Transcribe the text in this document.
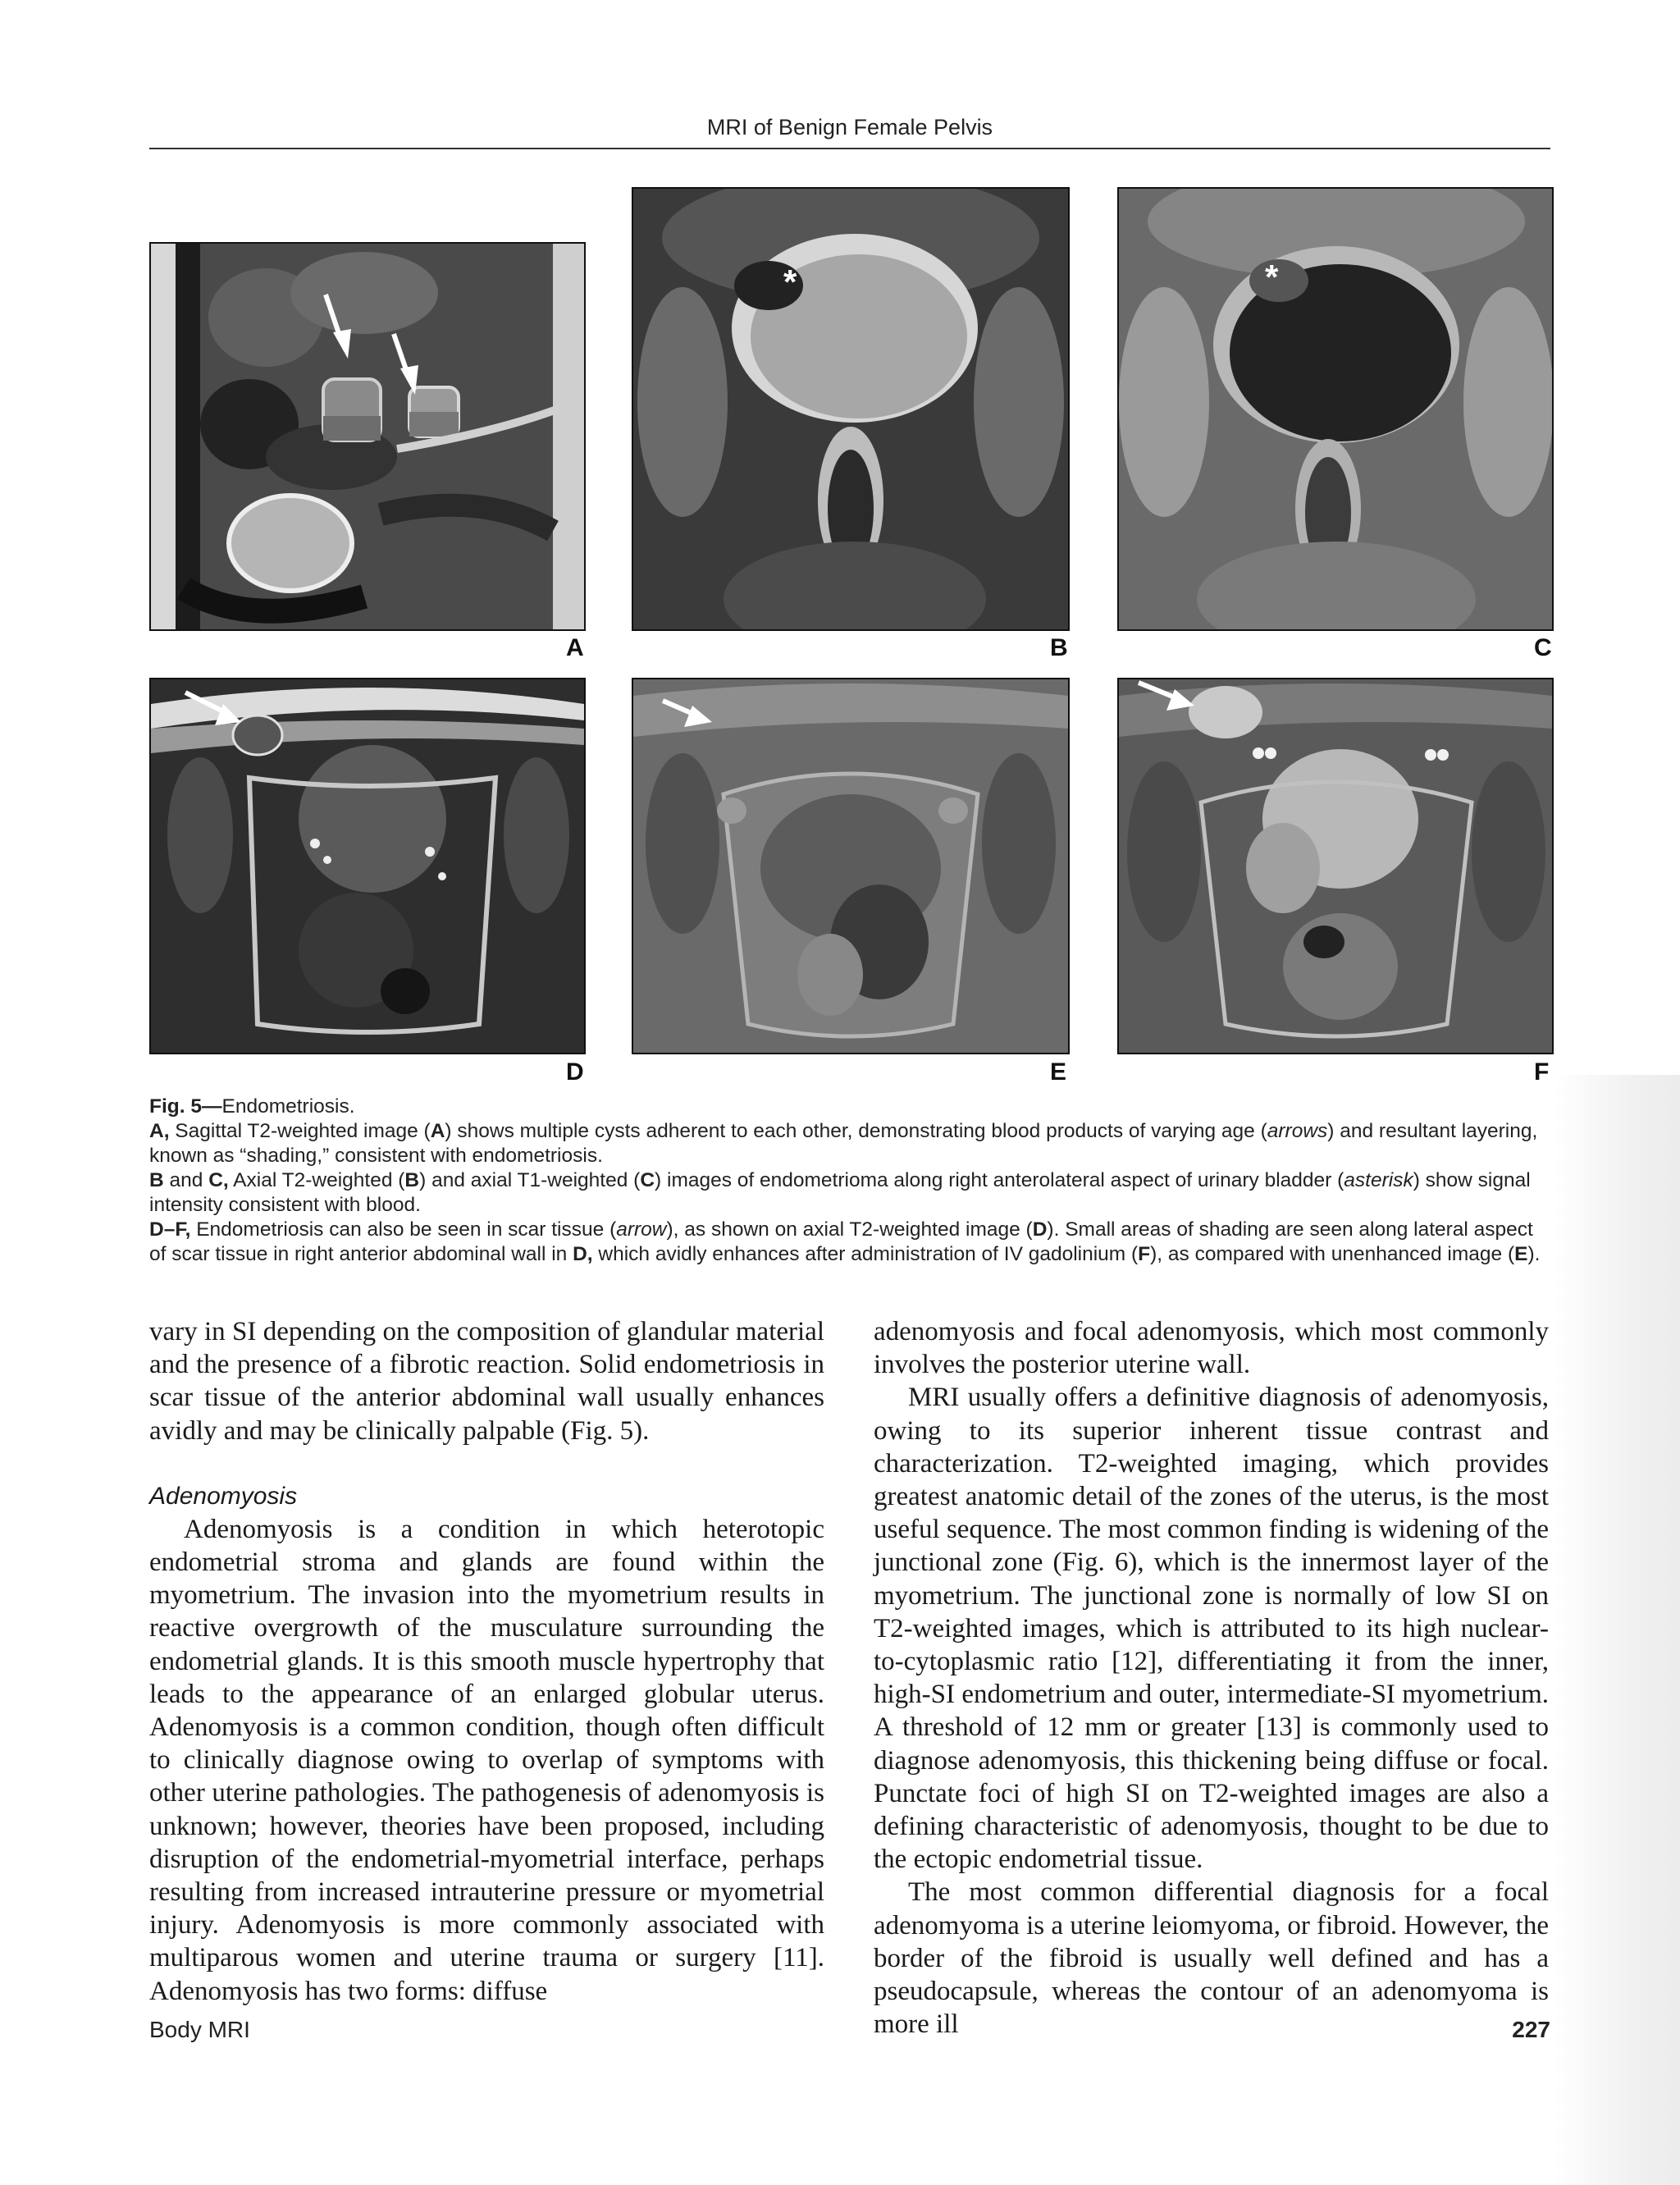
MRI of Benign Female Pelvis
A
*
B
*
C
D	E	F

Fig. 5—Endometriosis.

A, Sagittal T2-weighted image (A) shows multiple cysts adherent to each other, demonstrating blood products of varying age (arrows) and resultant layering, known as “shading,” consistent with endometriosis.

B and C, Axial T2-weighted (B) and axial T1-weighted (C) images of endometrioma along right anterolateral aspect of urinary bladder (asterisk) show signal intensity consistent with blood.

D–F, Endometriosis can also be seen in scar tissue (arrow), as shown on axial T2-weighted image (D). Small areas of shading are seen along lateral aspect of scar tissue in right anterior abdominal wall in D, which avidly enhances after administration of IV gadolinium (F), as compared with unenhanced image (E).

vary in SI depending on the composition of glandular material and the presence of a fibrotic reaction. Solid endometriosis in scar tissue of the anterior abdominal wall usually enhances avidly and may be clinically palpable (Fig. 5).

Adenomyosis

Adenomyosis is a condition in which heterotopic endometrial stroma and glands are found within the myometrium. The invasion into the myometrium results in reactive overgrowth of the musculature surrounding the endometrial glands. It is this smooth muscle hypertrophy that leads to the appearance of an enlarged globular uterus. Adenomyosis is a common condition, though often difficult to clinically diagnose owing to overlap of symptoms with other uterine pathologies. The pathogenesis of adenomyosis is unknown; however, theories have been proposed, including disruption of the endometrial-myometrial interface, perhaps resulting from increased intrauterine pressure or myometrial injury. Adenomyosis is more commonly associated with multiparous women and uterine trauma or surgery [11]. Adenomyosis has two forms: diffuse

adenomyosis and focal adenomyosis, which most commonly involves the posterior uterine wall.

MRI usually offers a definitive diagnosis of adenomyosis, owing to its superior inherent tissue contrast and characterization. T2-weighted imaging, which provides greatest anatomic detail of the zones of the uterus, is the most useful sequence. The most common finding is widening of the junctional zone (Fig. 6), which is the innermost layer of the myometrium. The junctional zone is normally of low SI on T2-weighted images, which is attributed to its high nuclear-to-cytoplasmic ratio [12], differentiating it from the inner, high-SI endometrium and outer, intermediate-SI myometrium. A threshold of 12 mm or greater [13] is commonly used to diagnose adenomyosis, this thickening being diffuse or focal. Punctate foci of high SI on T2-weighted images are also a defining characteristic of adenomyosis, thought to be due to the ectopic endometrial tissue.

The most common differential diagnosis for a focal adenomyoma is a uterine leiomyoma, or fibroid. However, the border of the fibroid is usually well defined and has a pseudocapsule, whereas the contour of an adenomyoma is more ill

Body MRI	227
